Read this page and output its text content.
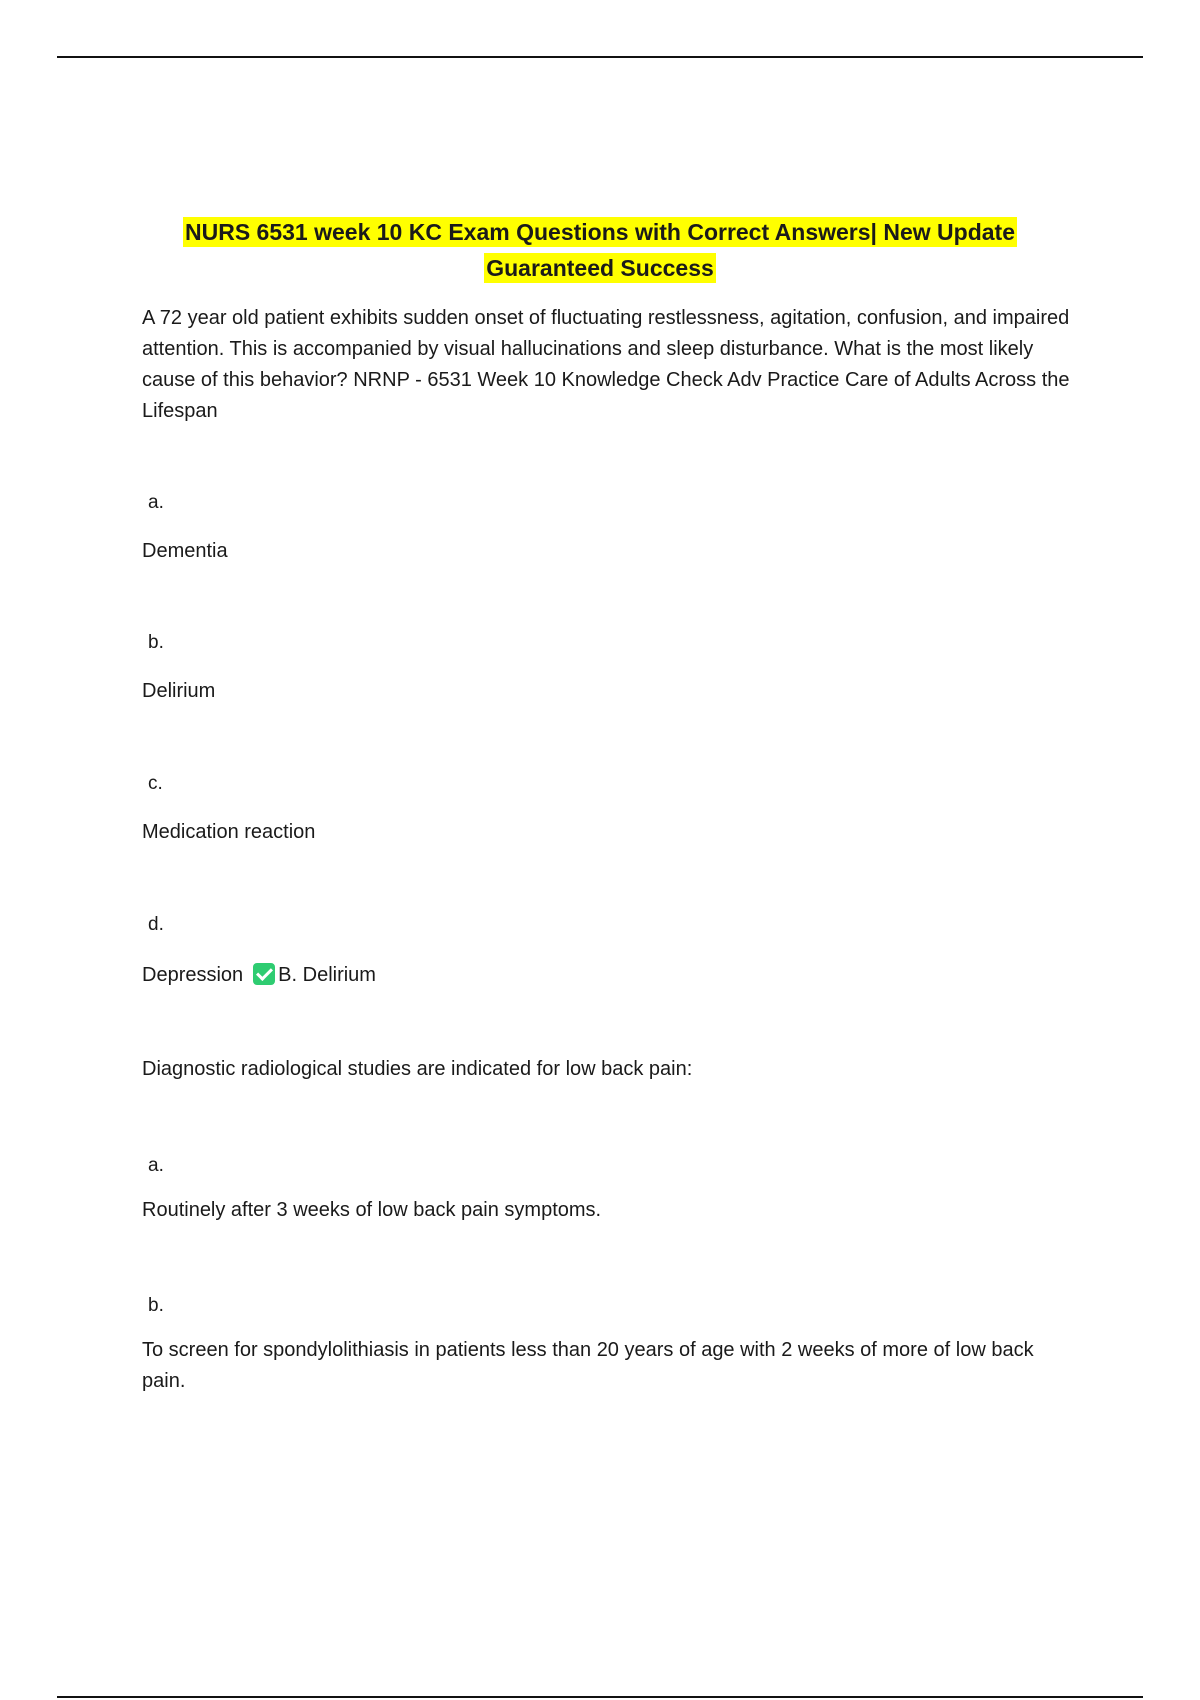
NURS 6531 week 10 KC Exam Questions with Correct Answers| New Update
Guaranteed Success
A 72 year old patient exhibits sudden onset of fluctuating restlessness, agitation, confusion, and impaired attention. This is accompanied by visual hallucinations and sleep disturbance. What is the most likely cause of this behavior? NRNP - 6531 Week 10 Knowledge Check Adv Practice Care of Adults Across the Lifespan
a.
Dementia
b.
Delirium
c.
Medication reaction
d.
Depression B. Delirium
Diagnostic radiological studies are indicated for low back pain:
a.
Routinely after 3 weeks of low back pain symptoms.
b.
To screen for spondylolithiasis in patients less than 20 years of age with 2 weeks of more of low back pain.
